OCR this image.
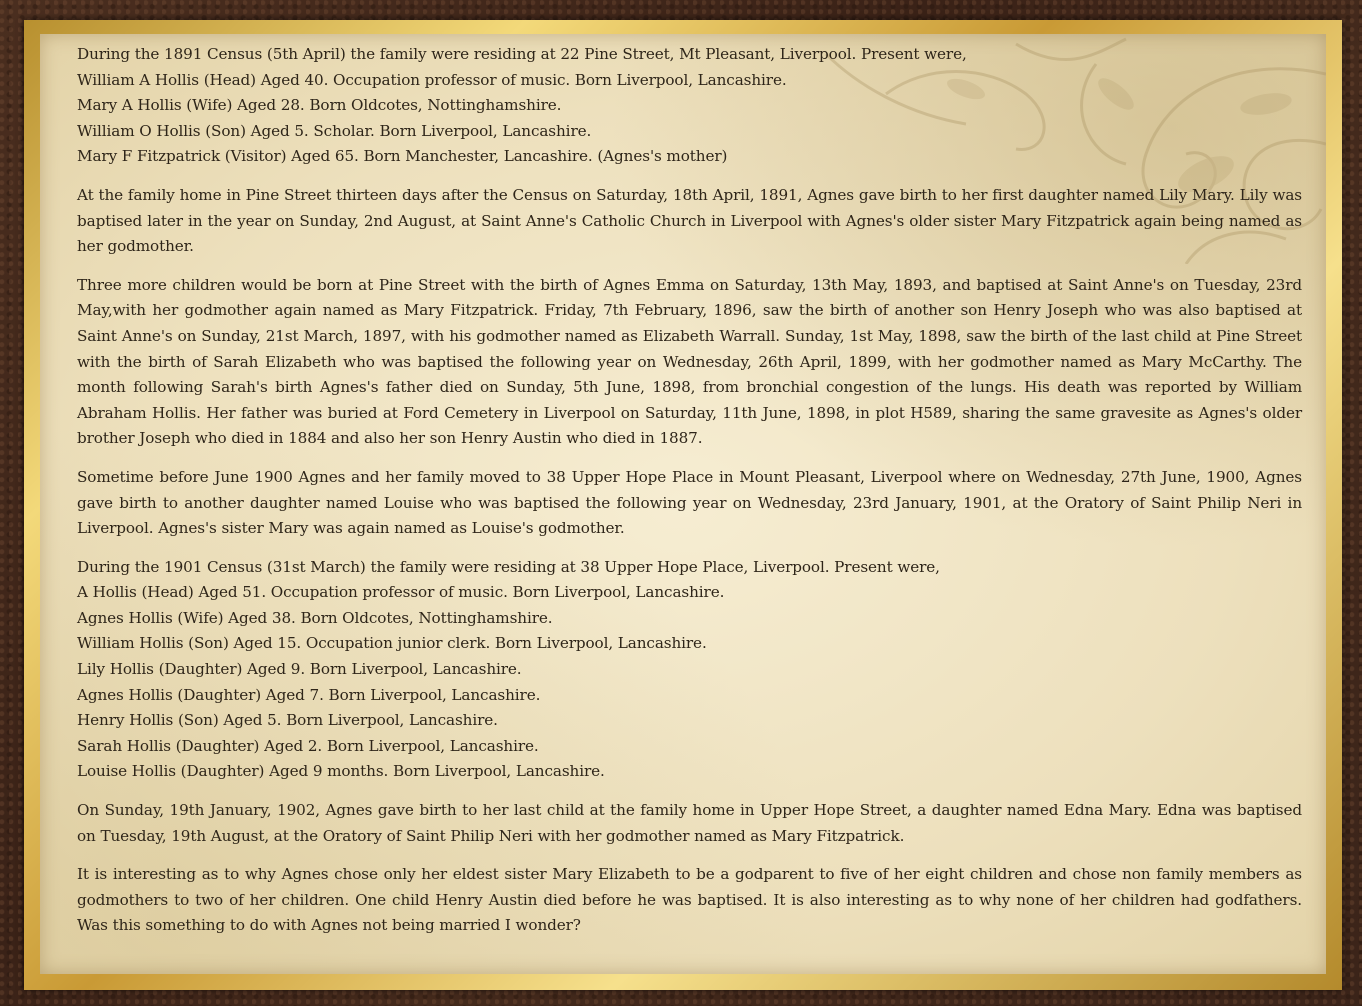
During the 1891 Census (5th April) the family were residing at 22 Pine Street, Mt Pleasant, Liverpool. Present were,
William A Hollis (Head) Aged 40. Occupation professor of music. Born Liverpool, Lancashire.
Mary A Hollis (Wife) Aged 28. Born Oldcotes, Nottinghamshire.
William O Hollis (Son) Aged 5. Scholar. Born Liverpool, Lancashire.
Mary F Fitzpatrick (Visitor) Aged 65. Born Manchester, Lancashire. (Agnes's mother)

At the family home in Pine Street thirteen days after the Census on Saturday, 18th April, 1891, Agnes gave birth to her first daughter named Lily Mary. Lily was baptised later in the year on Sunday, 2nd August, at Saint Anne's Catholic Church in Liverpool with Agnes's older sister Mary Fitzpatrick again being named as her godmother.

Three more children would be born at Pine Street with the birth of Agnes Emma on Saturday, 13th May, 1893, and baptised at Saint Anne's on Tuesday, 23rd May,with her godmother again named as Mary Fitzpatrick. Friday, 7th February, 1896, saw the birth of another son Henry Joseph who was also baptised at Saint Anne's on Sunday, 21st March, 1897, with his godmother named as Elizabeth Warrall. Sunday, 1st May, 1898, saw the birth of the last child at Pine Street with the birth of Sarah Elizabeth who was baptised the following year on Wednesday, 26th April, 1899, with her godmother named as Mary McCarthy. The month following Sarah's birth Agnes's father died on Sunday, 5th June, 1898, from bronchial congestion of the lungs. His death was reported by William Abraham Hollis. Her father was buried at Ford Cemetery in Liverpool on Saturday, 11th June, 1898, in plot H589, sharing the same gravesite as Agnes's older brother Joseph who died in 1884 and also her son Henry Austin who died in 1887.

Sometime before June 1900 Agnes and her family moved to 38 Upper Hope Place in Mount Pleasant, Liverpool where on Wednesday, 27th June, 1900, Agnes gave birth to another daughter named Louise who was baptised the following year on Wednesday, 23rd January, 1901, at the Oratory of Saint Philip Neri in Liverpool. Agnes's sister Mary was again named as Louise's godmother.

During the 1901 Census (31st March) the family were residing at 38 Upper Hope Place, Liverpool. Present were,
A Hollis (Head) Aged 51. Occupation professor of music. Born Liverpool, Lancashire.
Agnes Hollis (Wife) Aged 38. Born Oldcotes, Nottinghamshire.
William Hollis (Son) Aged 15. Occupation junior clerk. Born Liverpool, Lancashire.
Lily Hollis (Daughter) Aged 9. Born Liverpool, Lancashire.
Agnes Hollis (Daughter) Aged 7. Born Liverpool, Lancashire.
Henry Hollis (Son) Aged 5. Born Liverpool, Lancashire.
Sarah Hollis (Daughter) Aged 2. Born Liverpool, Lancashire.
Louise Hollis (Daughter) Aged 9 months. Born Liverpool, Lancashire.

On Sunday, 19th January, 1902, Agnes gave birth to her last child at the family home in Upper Hope Street, a daughter named Edna Mary. Edna was baptised on Tuesday, 19th August, at the Oratory of Saint Philip Neri with her godmother named as Mary Fitzpatrick.

It is interesting as to why Agnes chose only her eldest sister Mary Elizabeth to be a godparent to five of her eight children and chose non family members as godmothers to two of her children. One child Henry Austin died before he was baptised. It is also interesting as to why none of her children had godfathers. Was this something to do with Agnes not being married I wonder?
